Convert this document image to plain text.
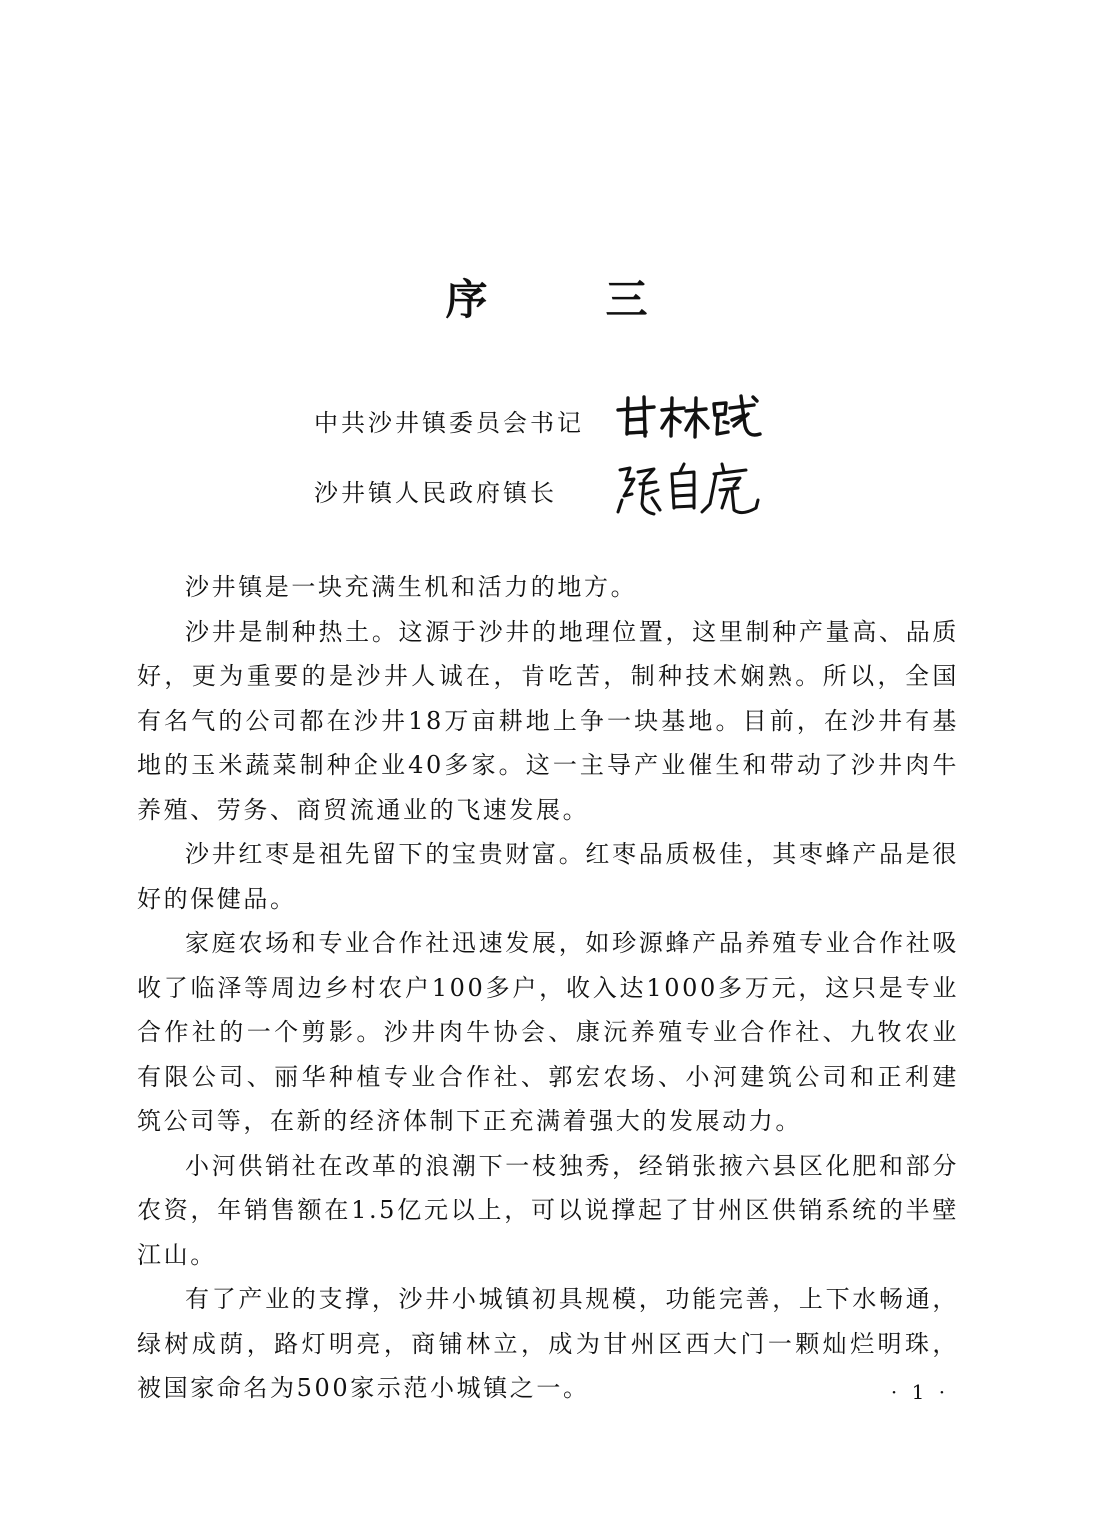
序三
中共沙井镇委员会书记
沙井镇人民政府镇长

沙井镇是一块充满生机和活力的地方。

沙井是制种热土。这源于沙井的地理位置，这里制种产量高、品质好，更为重要的是沙井人诚在，肯吃苦，制种技术娴熟。所以，全国有名气的公司都在沙井18万亩耕地上争一块基地。目前，在沙井有基地的玉米蔬菜制种企业40多家。这一主导产业催生和带动了沙井肉牛养殖、劳务、商贸流通业的飞速发展。

沙井红枣是祖先留下的宝贵财富。红枣品质极佳，其枣蜂产品是很好的保健品。

家庭农场和专业合作社迅速发展，如珍源蜂产品养殖专业合作社吸收了临泽等周边乡村农户100多户，收入达1000多万元，这只是专业合作社的一个剪影。沙井肉牛协会、康沅养殖专业合作社、九牧农业有限公司、丽华种植专业合作社、郭宏农场、小河建筑公司和正利建筑公司等，在新的经济体制下正充满着强大的发展动力。

小河供销社在改革的浪潮下一枝独秀，经销张掖六县区化肥和部分农资，年销售额在1.5亿元以上，可以说撑起了甘州区供销系统的半壁江山。

有了产业的支撑，沙井小城镇初具规模，功能完善，上下水畅通，绿树成荫，路灯明亮，商铺林立，成为甘州区西大门一颗灿烂明珠，被国家命名为500家示范小城镇之一。	· 1 ·
